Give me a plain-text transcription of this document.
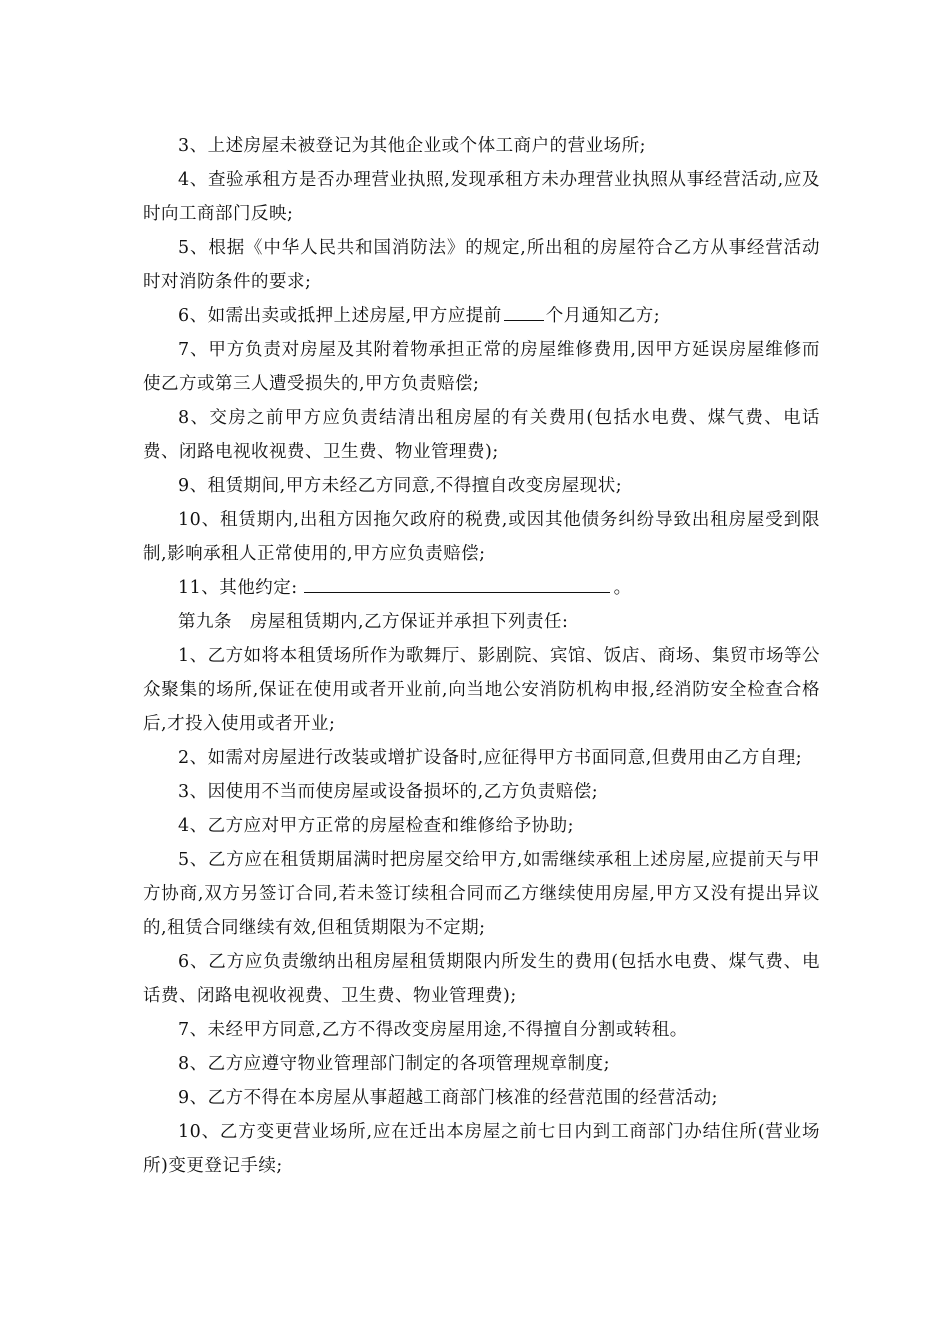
3、上述房屋未被登记为其他企业或个体工商户的营业场所;

4、查验承租方是否办理营业执照,发现承租方未办理营业执照从事经营活动,应及时向工商部门反映;

5、根据《中华人民共和国消防法》的规定,所出租的房屋符合乙方从事经营活动时对消防条件的要求;

6、如需出卖或抵押上述房屋,甲方应提前	个月通知乙方;

7、甲方负责对房屋及其附着物承担正常的房屋维修费用,因甲方延误房屋维修而使乙方或第三人遭受损失的,甲方负责赔偿;

8、交房之前甲方应负责结清出租房屋的有关费用(包括水电费、煤气费、电话费、闭路电视收视费、卫生费、物业管理费);

9、租赁期间,甲方未经乙方同意,不得擅自改变房屋现状;

10、租赁期内,出租方因拖欠政府的税费,或因其他债务纠纷导致出租房屋受到限制,影响承租人正常使用的,甲方应负责赔偿;

11、其他约定:	。

第九条　房屋租赁期内,乙方保证并承担下列责任:

1、乙方如将本租赁场所作为歌舞厅、影剧院、宾馆、饭店、商场、集贸市场等公众聚集的场所,保证在使用或者开业前,向当地公安消防机构申报,经消防安全检查合格后,才投入使用或者开业;

2、如需对房屋进行改装或增扩设备时,应征得甲方书面同意,但费用由乙方自理;

3、因使用不当而使房屋或设备损坏的,乙方负责赔偿;

4、乙方应对甲方正常的房屋检查和维修给予协助;

5、乙方应在租赁期届满时把房屋交给甲方,如需继续承租上述房屋,应提前天与甲方协商,双方另签订合同,若未签订续租合同而乙方继续使用房屋,甲方又没有提出异议的,租赁合同继续有效,但租赁期限为不定期;

6、乙方应负责缴纳出租房屋租赁期限内所发生的费用(包括水电费、煤气费、电话费、闭路电视收视费、卫生费、物业管理费);

7、未经甲方同意,乙方不得改变房屋用途,不得擅自分割或转租。

8、乙方应遵守物业管理部门制定的各项管理规章制度;

9、乙方不得在本房屋从事超越工商部门核准的经营范围的经营活动;

10、乙方变更营业场所,应在迁出本房屋之前七日内到工商部门办结住所(营业场所)变更登记手续;
